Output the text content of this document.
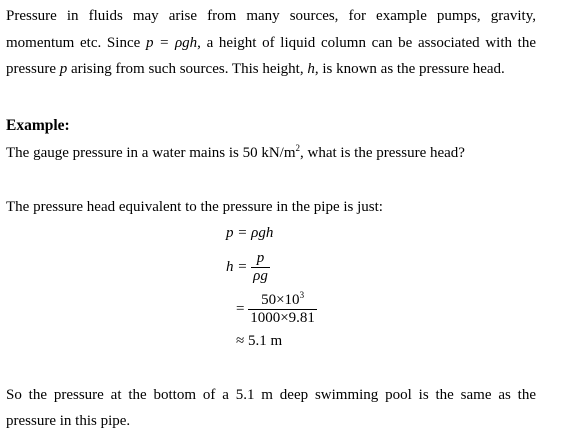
Pressure in fluids may arise from many sources, for example pumps, gravity,
momentum etc. Since p = ρgh, a height of liquid column can be associated with the
pressure p arising from such sources. This height, h, is known as the pressure head.
Example:
The gauge pressure in a water mains is 50 $kN/m^2$, what is the pressure head?
The pressure head equivalent to the pressure in the pipe is just:
p = ρgh
$h = \frac{p}{\rho g}$
= $\frac{50\times 10^3}{1000\times 9.81}$
≈ 5.1 m
So the pressure at the bottom of a 5.1 m deep swimming pool is the same as the
pressure in this pipe.
